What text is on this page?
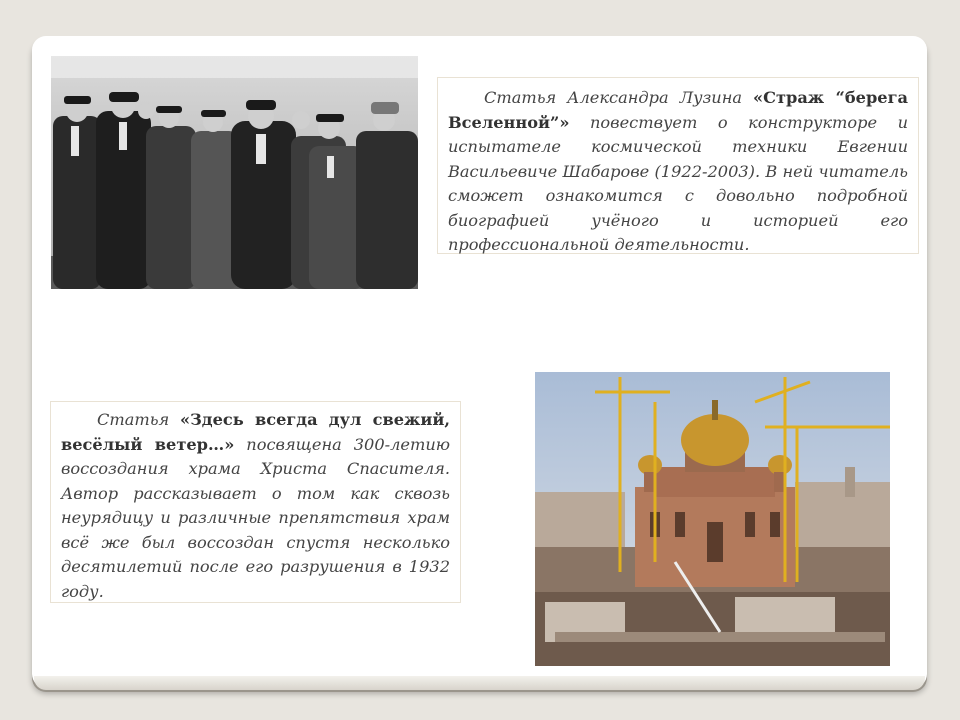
Статья Александра Лузина «Страж “берега Вселенной”» повествует о конструкторе и испытателе космической техники Евгении Васильевиче Шабарове (1922-2003). В ней читатель сможет ознакомится с довольно подробной биографией учёного и историей его профессиональной деятельности.

Статья «Здесь всегда дул свежий, весёлый ветер…» посвящена 300-летию воссоздания храма Христа Спасителя. Автор рассказывает о том как сквозь неурядицу и различные препятствия храм всё же был воссоздан спустя несколько десятилетий после его разрушения в 1932 году.
